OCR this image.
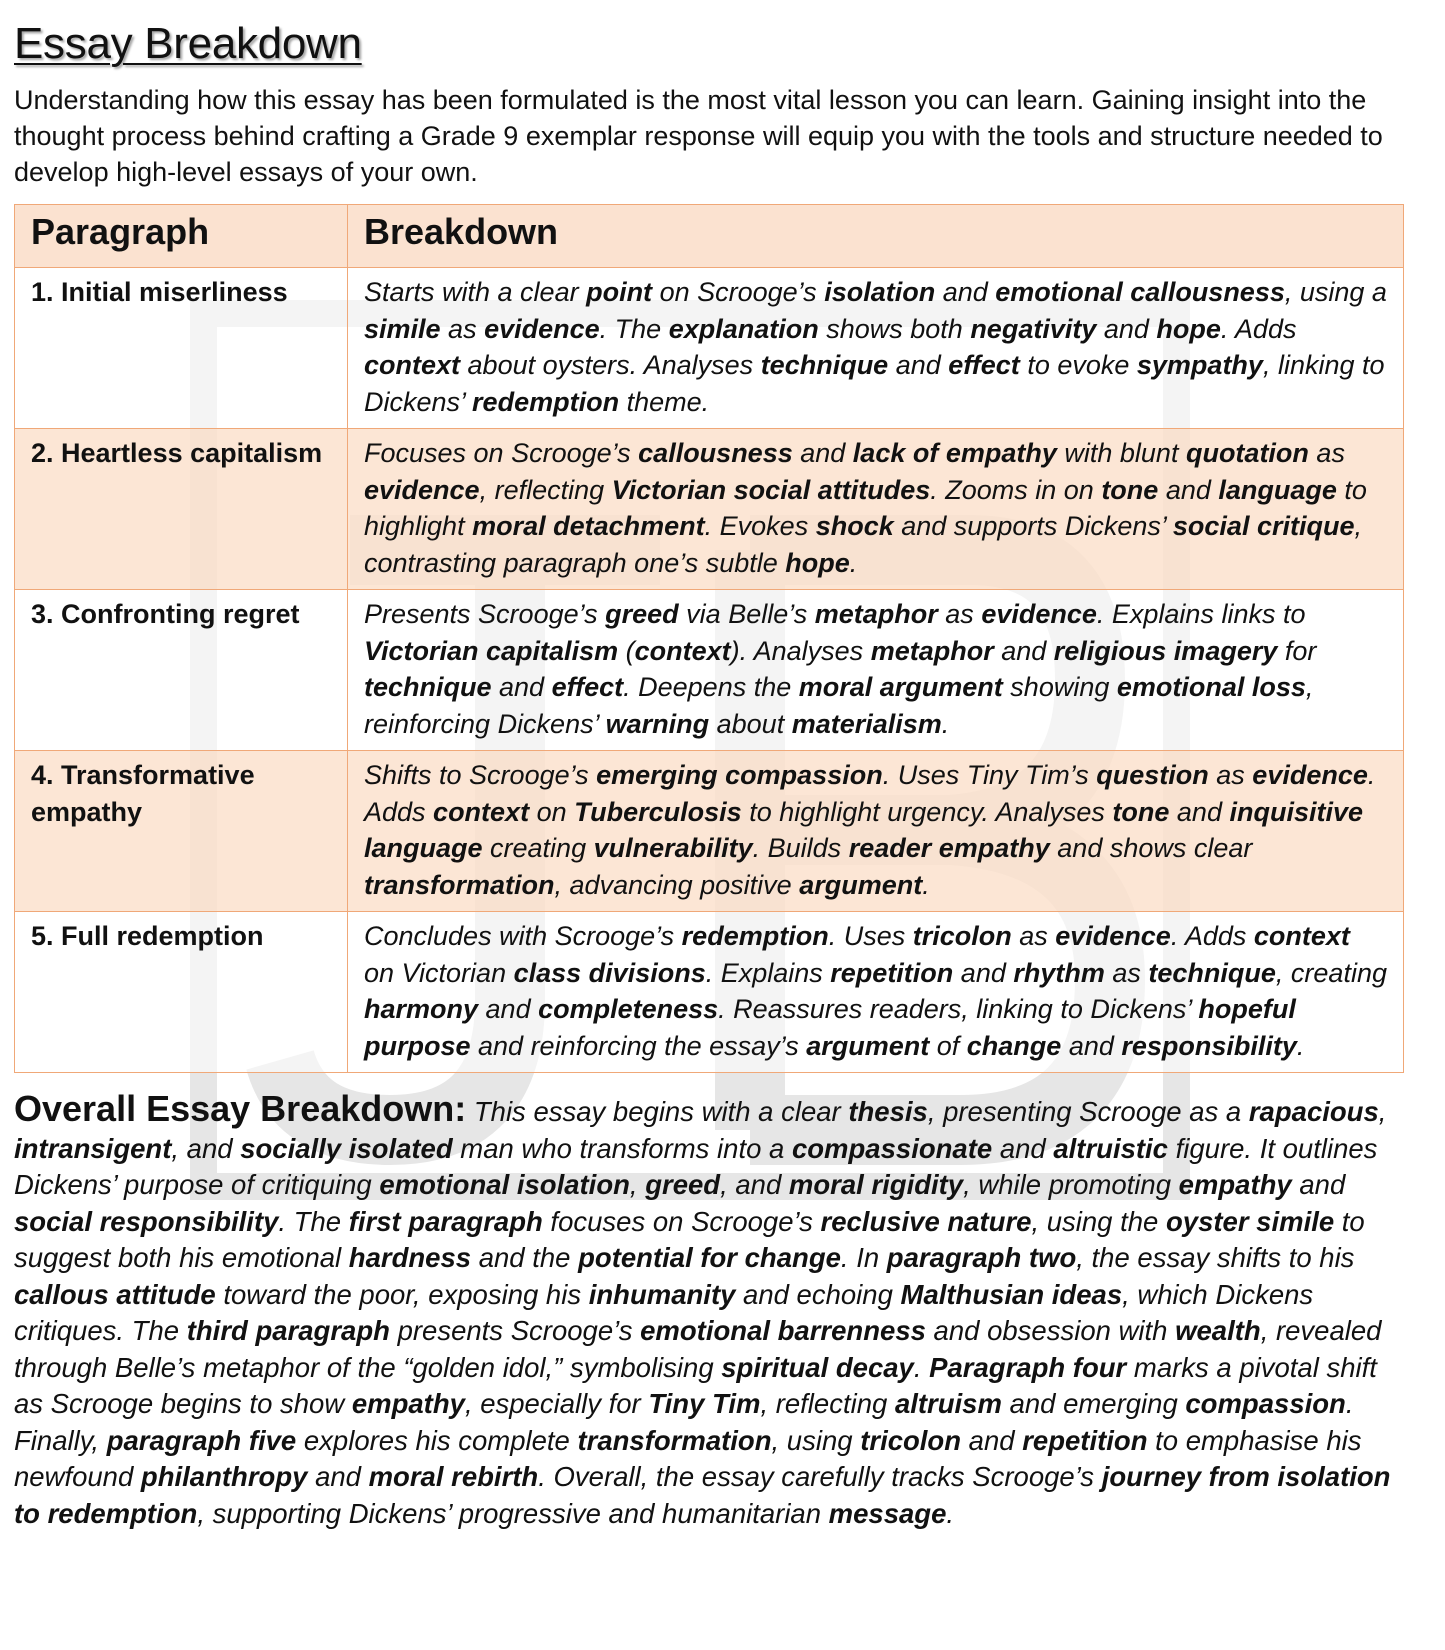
Essay Breakdown

Understanding how this essay has been formulated is the most vital lesson you can learn. Gaining insight into the thought process behind crafting a Grade 9 exemplar response will equip you with the tools and structure needed to develop high-level essays of your own.

Paragraph	Breakdown
1. Initial miserliness	Starts with a clear point on Scrooge’s isolation and emotional callousness, using a simile as evidence. The explanation shows both negativity and hope. Adds context about oysters. Analyses technique and effect to evoke sympathy, linking to Dickens’ redemption theme.
2. Heartless capitalism	Focuses on Scrooge’s callousness and lack of empathy with blunt quotation as evidence, reflecting Victorian social attitudes. Zooms in on tone and language to highlight moral detachment. Evokes shock and supports Dickens’ social critique, contrasting paragraph one’s subtle hope.
3. Confronting regret	Presents Scrooge’s greed via Belle’s metaphor as evidence. Explains links to Victorian capitalism (context). Analyses metaphor and religious imagery for technique and effect. Deepens the moral argument showing emotional loss, reinforcing Dickens’ warning about materialism.
4. Transformative empathy	Shifts to Scrooge’s emerging compassion. Uses Tiny Tim’s question as evidence. Adds context on Tuberculosis to highlight urgency. Analyses tone and inquisitive language creating vulnerability. Builds reader empathy and shows clear transformation, advancing positive argument.
5. Full redemption	Concludes with Scrooge’s redemption. Uses tricolon as evidence. Adds context on Victorian class divisions. Explains repetition and rhythm as technique, creating harmony and completeness. Reassures readers, linking to Dickens’ hopeful purpose and reinforcing the essay’s argument of change and responsibility.

Overall Essay Breakdown: This essay begins with a clear thesis, presenting Scrooge as a rapacious, intransigent, and socially isolated man who transforms into a compassionate and altruistic figure. It outlines Dickens’ purpose of critiquing emotional isolation, greed, and moral rigidity, while promoting empathy and social responsibility. The first paragraph focuses on Scrooge’s reclusive nature, using the oyster simile to suggest both his emotional hardness and the potential for change. In paragraph two, the essay shifts to his callous attitude toward the poor, exposing his inhumanity and echoing Malthusian ideas, which Dickens critiques. The third paragraph presents Scrooge’s emotional barrenness and obsession with wealth, revealed through Belle’s metaphor of the “golden idol,” symbolising spiritual decay. Paragraph four marks a pivotal shift as Scrooge begins to show empathy, especially for Tiny Tim, reflecting altruism and emerging compassion. Finally, paragraph five explores his complete transformation, using tricolon and repetition to emphasise his newfound philanthropy and moral rebirth. Overall, the essay carefully tracks Scrooge’s journey from isolation to redemption, supporting Dickens’ progressive and humanitarian message.
